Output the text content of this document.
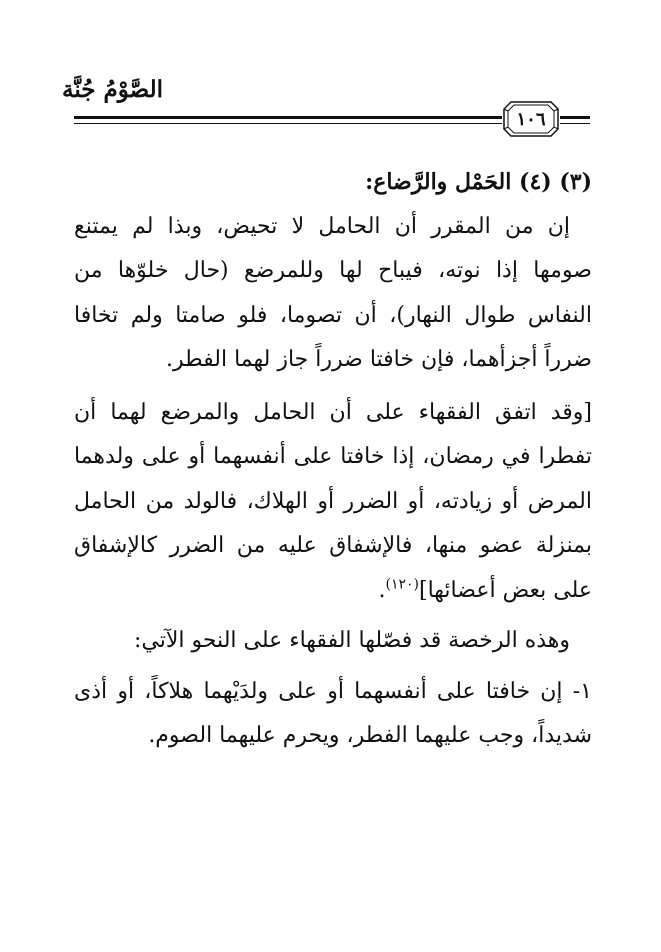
الصَّوْمُ جُنَّة
١٠٦

(٣) (٤) الحَمْل والرَّضاع:

إن من المقرر أن الحامل لا تحيض، وبذا لم يمتنع صومها إذا نوته، فيباح لها وللمرضع (حال خلوّها من النفاس طوال النهار)، أن تصوما، فلو صامتا ولم تخافا ضرراً أجزأهما، فإن خافتا ضرراً جاز لهما الفطر.

[وقد اتفق الفقهاء على أن الحامل والمرضع لهما أن تفطرا في رمضان، إذا خافتا على أنفسهما أو على ولدهما المرض أو زيادته، أو الضرر أو الهلاك، فالولد من الحامل بمنزلة عضو منها، فالإشفاق عليه من الضرر كالإشفاق على بعض أعضائها]$^{(١٢٠)}$.

وهذه الرخصة قد فصّلها الفقهاء على النحو الآتي:

١- إن خافتا على أنفسهما أو على ولدَيْهما هلاكاً، أو أذى شديداً، وجب عليهما الفطر، ويحرم عليهما الصوم.
